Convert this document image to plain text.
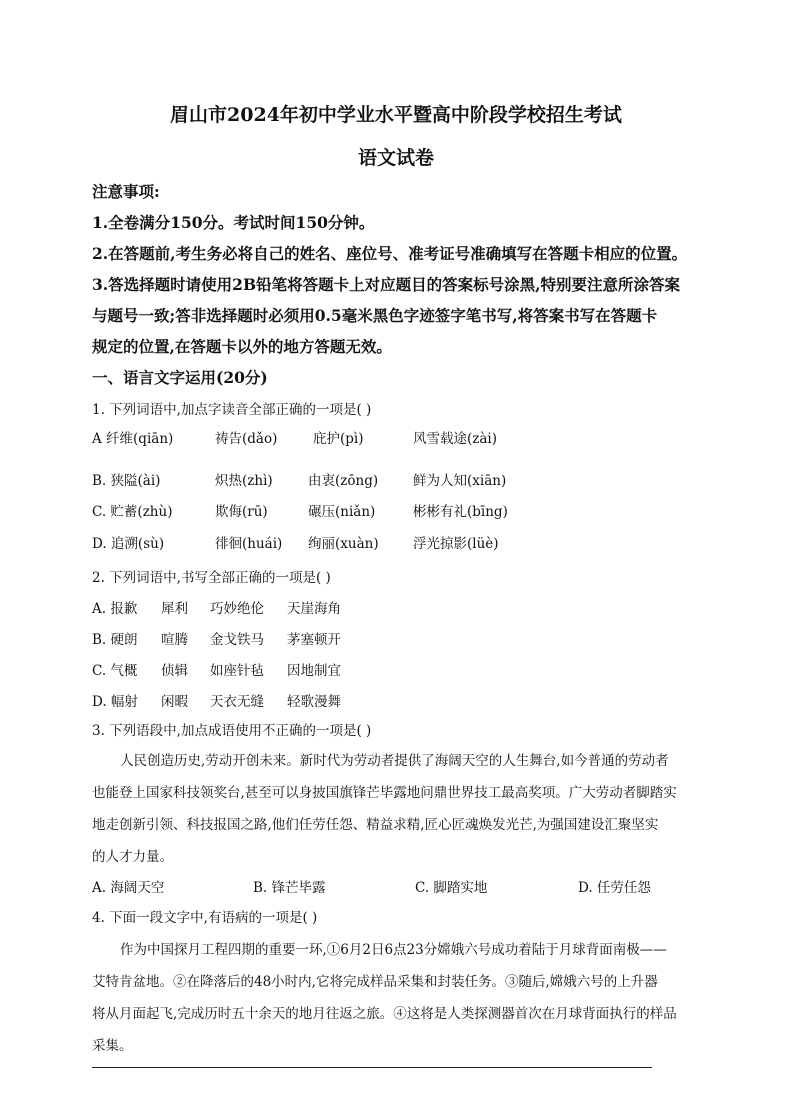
眉山市2024年初中学业水平暨高中阶段学校招生考试
语文试卷
注意事项:
1.全卷满分150分。考试时间150分钟。
2.在答题前,考生务必将自己的姓名、座位号、准考证号准确填写在答题卡相应的位置。
3.答选择题时请使用2B铅笔将答题卡上对应题目的答案标号涂黑,特别要注意所涂答案
与题号一致;答非选择题时必须用0.5毫米黑色字迹签字笔书写,将答案书写在答题卡
规定的位置,在答题卡以外的地方答题无效。
一、语言文字运用(20分)
1. 下列词语中,加点字读音全部正确的一项是( )
A 纤维(qiān)	祷告(dǎo)	庇护(pì)	风雪载途(zài)
B. 狭隘(ài)	炽热(zhì)	由衷(zōng)	鲜为人知(xiān)
C. 贮蓄(zhù)	欺侮(rū)	碾压(niǎn)	彬彬有礼(bīng)
D. 追溯(sù)	徘徊(huái) 绚丽(xuàn)	浮光掠影(lüè)
2. 下列词语中,书写全部正确的一项是( )
A. 报歉 犀利 巧妙绝伦 天崖海角
B. 硬朗 喧腾 金戈铁马 茅塞顿开
C. 气概 侦辑 如座针毡 因地制宜
D. 幅射 闲暇 天衣无缝 轻歌漫舞
3. 下列语段中,加点成语使用不正确的一项是( )
人民创造历史,劳动开创未来。新时代为劳动者提供了海阔天空的人生舞台,如今普通的劳动者
也能登上国家科技领奖台,甚至可以身披国旗锋芒毕露地问鼎世界技工最高奖项。广大劳动者脚踏实
地走创新引领、科技报国之路,他们任劳任怨、精益求精,匠心匠魂焕发光芒,为强国建设汇聚坚实
的人才力量。
A. 海阔天空	B. 锋芒毕露	C. 脚踏实地	D. 任劳任怨
4. 下面一段文字中,有语病的一项是( )
作为中国探月工程四期的重要一环,①6月2日6点23分嫦娥六号成功着陆于月球背面南极——
艾特肯盆地。②在降落后的48小时内,它将完成样品采集和封装任务。③随后,嫦娥六号的上升器
将从月面起飞,完成历时五十余天的地月往返之旅。④这将是人类探测器首次在月球背面执行的样品
采集。
